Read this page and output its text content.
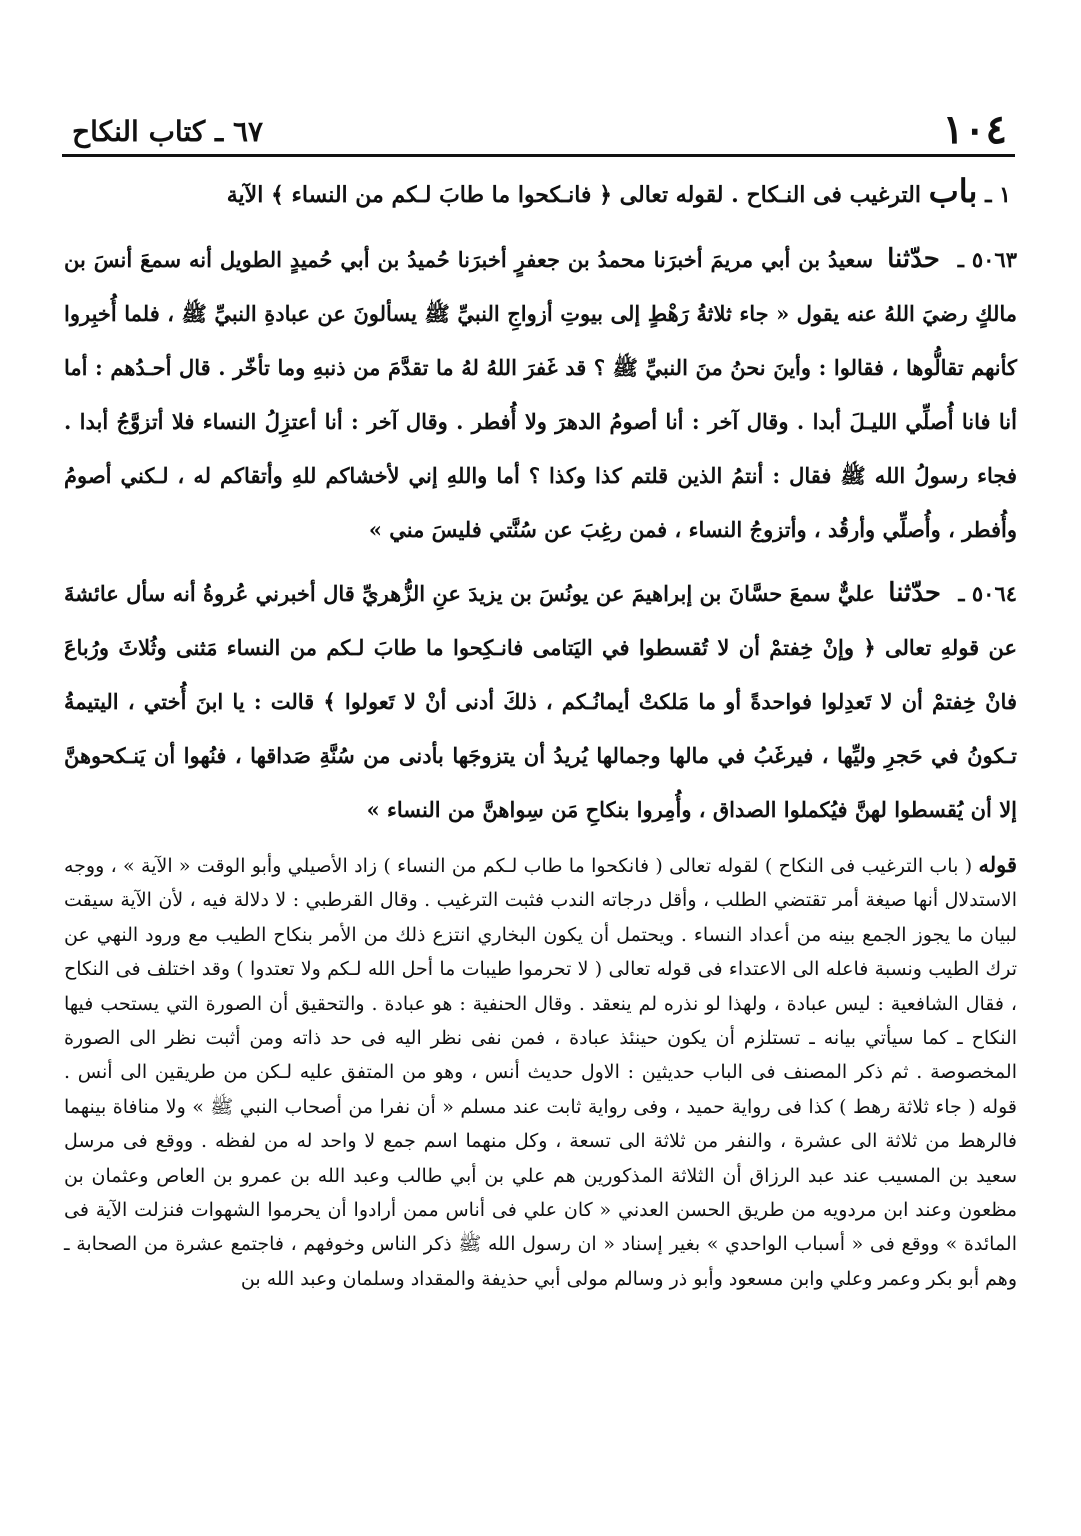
١٠٤
٦٧ ـ كتاب النكاح
١ ـ باب الترغيب فى النـكاح . لقوله تعالى ﴿ فانـكحوا ما طابَ لـكم من النساء ﴾ الآية
٥٠٦٣ ـ حدّثنا سعيدُ بن أبي مريمَ أخبرَنا محمدُ بن جعفرٍ أخبرَنا حُميدُ بن أبي حُميدٍ الطويل أنه سمعَ أنسَ بن مالكٍ رضيَ اللهُ عنه يقول « جاء ثلاثةُ رَهْطٍ إلى بيوتِ أزواجِ النبيِّ ﷺ يسألونَ عن عبادةِ النبيِّ ﷺ ، فلما أُخبِروا كأنهم تقالُّوها ، فقالوا : وأينَ نحنُ منَ النبيِّ ﷺ ؟ قد غَفرَ اللهُ لهُ ما تقدَّمَ من ذنبهِ وما تأخّر . قال أحـدُهم : أما أنا فانا أُصلِّي الليـلَ أبدا . وقال آخر : أنا أصومُ الدهرَ ولا أُفطر . وقال آخر : أنا أعتزِلُ النساء فلا أتزوَّجُ أبدا . فجاء رسولُ الله ﷺ فقال : أنتمُ الذين قلتم كذا وكذا ؟ أما واللهِ إني لأخشاكم للهِ وأتقاكم له ، لـكني أصومُ وأُفطر ، وأُصلِّي وأرقُد ، وأتزوجُ النساء ، فمن رغِبَ عن سُنَّتي فليسَ مني »
٥٠٦٤ ـ حدّثنا عليٌّ سمعَ حسَّانَ بن إبراهيمَ عن يونُسَ بن يزيدَ عنِ الزُّهريِّ قال أخبرني عُروةُ أنه سأل عائشةَ عن قولهِ تعالى ﴿ وإنْ خِفتمْ أن لا تُقسطوا في اليَتامى فانـكِحوا ما طابَ لـكم من النساء مَثنى وثُلاثَ ورُباعَ فانْ خِفتمْ أن لا تَعدِلوا فواحدةً أو ما مَلكتْ أيمانُـكم ، ذلكَ أدنى أنْ لا تَعولوا ﴾ قالت : يا ابنَ أُختي ، اليتيمةُ تـكونُ في حَجرِ وليِّها ، فيرغَبُ في مالها وجمالها يُريدُ أن يتزوجَها بأدنى من سُنَّةِ صَداقها ، فنُهوا أن يَنـكحوهنَّ إلا أن يُقسطوا لهنَّ فيُكملوا الصداق ، وأُمِروا بنكاحِ مَن سِواهنَّ من النساء »
قوله ( باب الترغيب فى النكاح ) لقوله تعالى ( فانكحوا ما طاب لـكم من النساء ) زاد الأصيلي وأبو الوقت « الآية » ، ووجه الاستدلال أنها صيغة أمر تقتضي الطلب ، وأقل درجاته الندب فثبت الترغيب . وقال القرطبي : لا دلالة فيه ، لأن الآية سيقت لبيان ما يجوز الجمع بينه من أعداد النساء . ويحتمل أن يكون البخاري انتزع ذلك من الأمر بنكاح الطيب مع ورود النهي عن ترك الطيب ونسبة فاعله الى الاعتداء فى قوله تعالى ( لا تحرموا طيبات ما أحل الله لـكم ولا تعتدوا ) وقد اختلف فى النكاح ، فقال الشافعية : ليس عبادة ، ولهذا لو نذره لم ينعقد . وقال الحنفية : هو عبادة . والتحقيق أن الصورة التي يستحب فيها النكاح ـ كما سيأتي بيانه ـ تستلزم أن يكون حينئذ عبادة ، فمن نفى نظر اليه فى حد ذاته ومن أثبت نظر الى الصورة المخصوصة . ثم ذكر المصنف فى الباب حديثين : الاول حديث أنس ، وهو من المتفق عليه لـكن من طريقين الى أنس . قوله ( جاء ثلاثة رهط ) كذا فى رواية حميد ، وفى رواية ثابت عند مسلم « أن نفرا من أصحاب النبي ﷺ » ولا منافاة بينهما فالرهط من ثلاثة الى عشرة ، والنفر من ثلاثة الى تسعة ، وكل منهما اسم جمع لا واحد له من لفظه . ووقع فى مرسل سعيد بن المسيب عند عبد الرزاق أن الثلاثة المذكورين هم علي بن أبي طالب وعبد الله بن عمرو بن العاص وعثمان بن مظعون وعند ابن مردويه من طريق الحسن العدني « كان علي فى أناس ممن أرادوا أن يحرموا الشهوات فنزلت الآية فى المائدة » ووقع فى « أسباب الواحدي » بغير إسناد « ان رسول الله ﷺ ذكر الناس وخوفهم ، فاجتمع عشرة من الصحابة ـ وهم أبو بكر وعمر وعلي وابن مسعود وأبو ذر وسالم مولى أبي حذيفة والمقداد وسلمان وعبد الله بن
